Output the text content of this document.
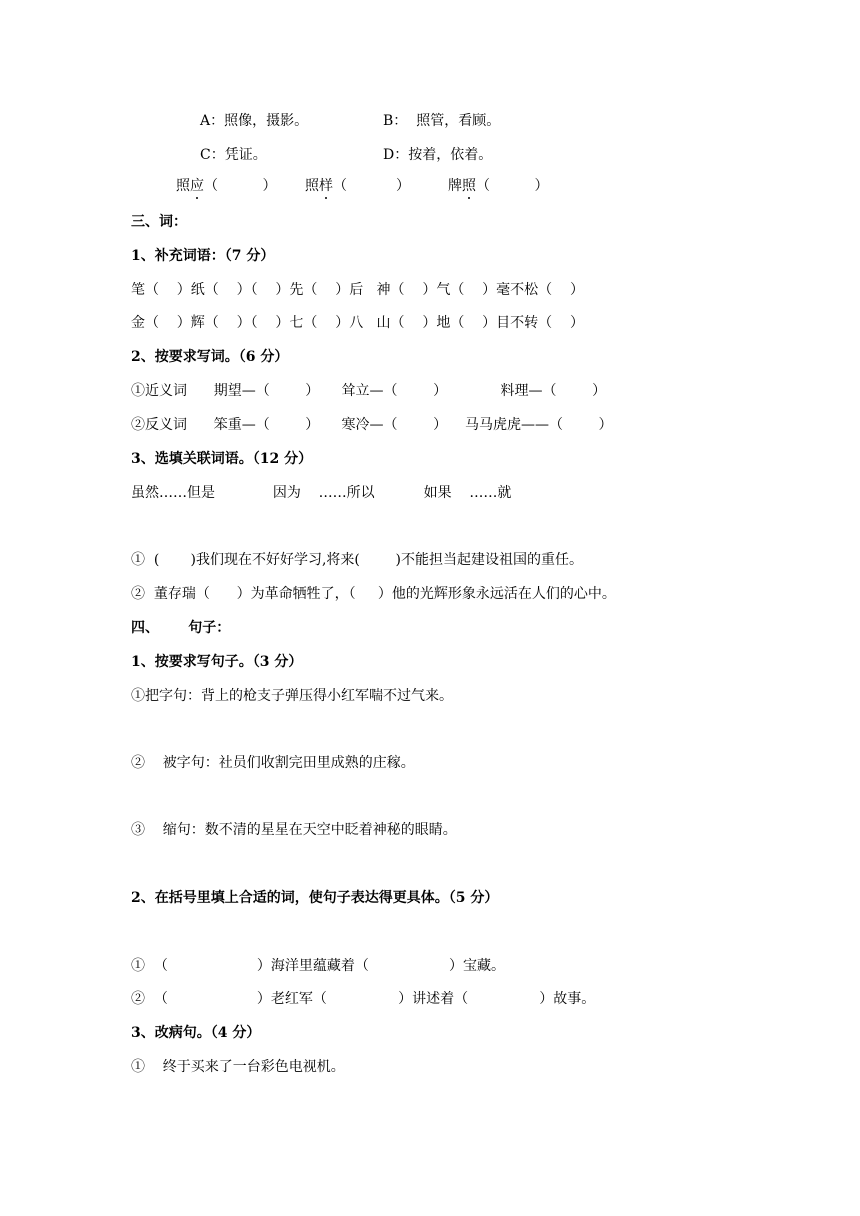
A：照像，摄影。	B：  照管，看顾。
C：凭证。	D：按着，依着。
照应（          ） 照样（           ）	牌照（          ）
三、词：
1、补充词语：（7 分）
笔（    ）纸（    ）（    ）先（    ）后   神（    ）气（    ）毫不松（    ）
金（    ）辉（    ）（    ）七（    ）八   山（    ）地（    ）目不转（    ）
2、按要求写词。（6 分）
①近义词      期望—（        ）     耸立—（        ）            料理—（        ）
②反义词      笨重—（        ）     寒冷—（        ）    马马虎虎——（        ）
3、选填关联词语。（12 分）
虽然……但是             因为    ……所以           如果    ……就
①  (       )我们现在不好好学习,将来(        )不能担当起建设祖国的重任。
②  董存瑞（      ）为革命牺牲了，（     ）他的光辉形象永远活在人们的心中。
四、      句子：
1、按要求写句子。（3 分）
①把字句：背上的枪支子弹压得小红军喘不过气来。
②    被字句：社员们收割完田里成熟的庄稼。
③    缩句：数不清的星星在天空中眨着神秘的眼睛。
2、在括号里填上合适的词，使句子表达得更具体。（5 分）
①  （                    ）海洋里蕴藏着（                  ）宝藏。
②  （                    ）老红军（                ）讲述着（                ）故事。
3、改病句。（4 分）
①    终于买来了一台彩色电视机。
